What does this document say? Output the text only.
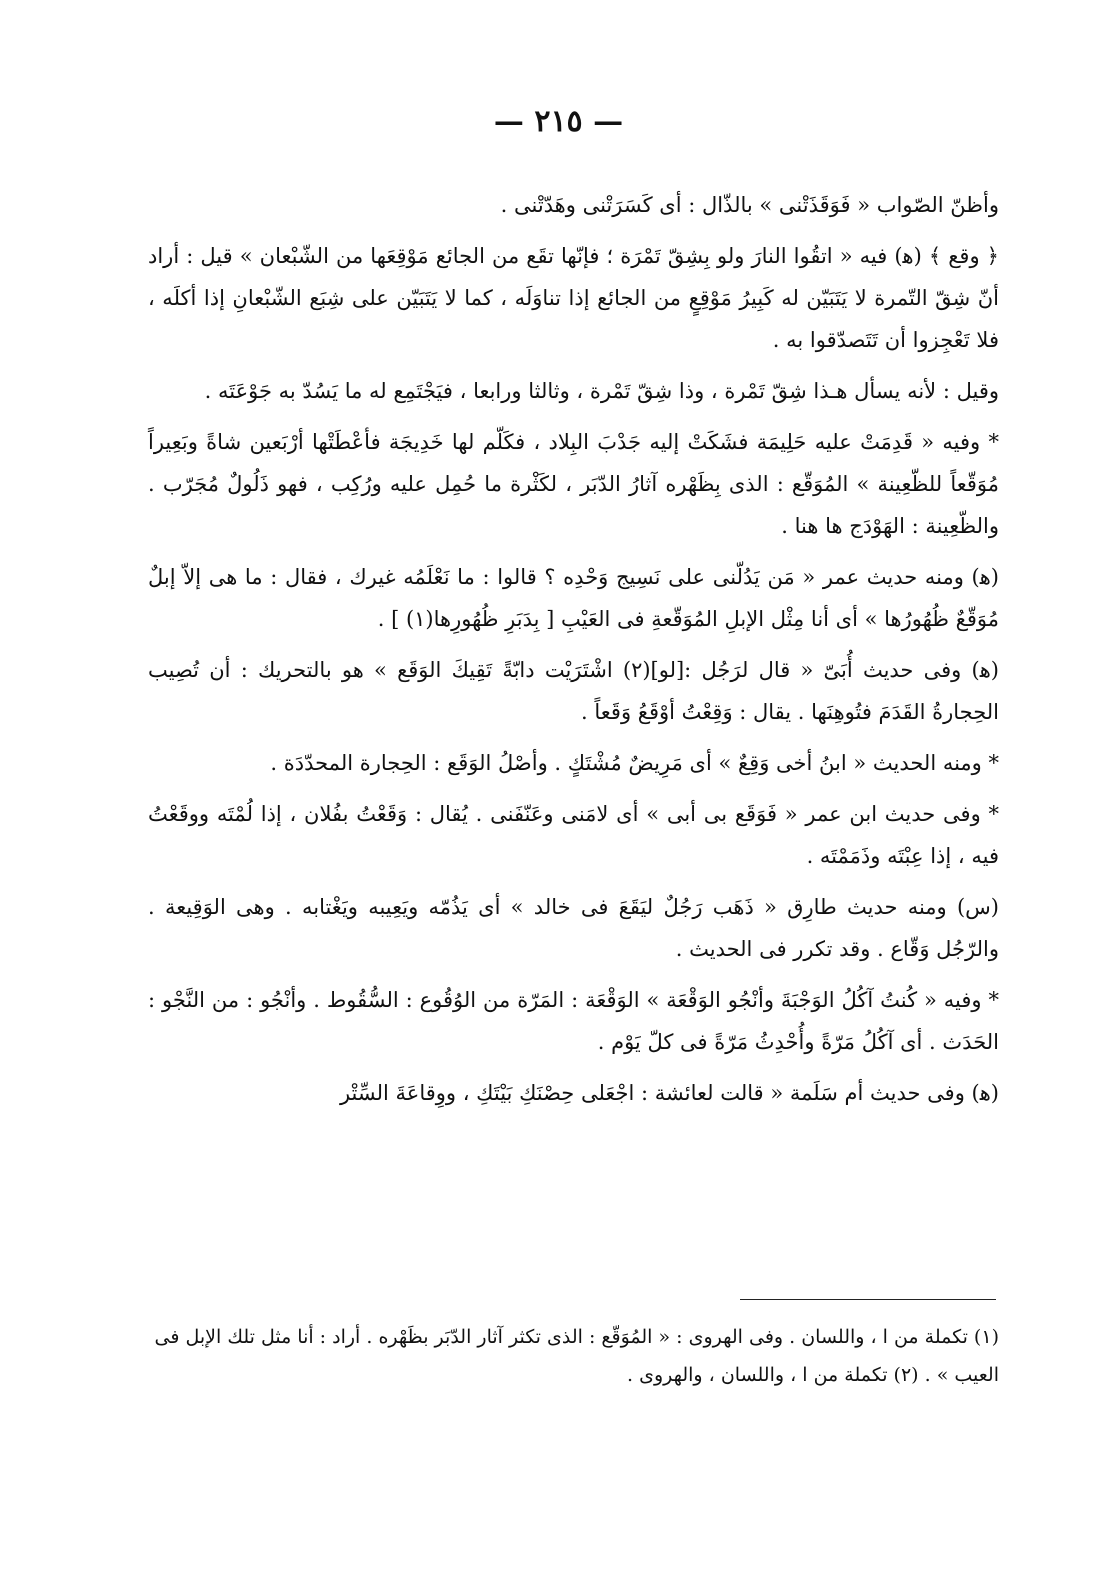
— ٢١٥ —

وأظنّ الصّواب « فَوَقَذَتْنى » بالذّال : أى كَسَرَتْنى وهَدّتْنى .

﴿ وقع ﴾ (ﻫ) فيه « اتقُوا النارَ ولو بِشِقّ تَمْرَة ؛ فإنّها تقَع من الجائع مَوْقِعَها من الشّبْعان » قيل : أراد أنّ شِقّ التّمرة لا يَتَبَيّن له كَبِيرُ مَوْقِعٍ من الجائع إذا تناوَلَه ، كما لا يَتَبَيّن على شِبَع الشّبْعانِ إذا أكلَه ، فلا تَعْجِزوا أن تَتَصدّقوا به .

وقيل : لأنه يسأل هـذا شِقّ تَمْرة ، وذا شِقّ تَمْرة ، وثالثا ورابعا ، فيَجْتَمِع له ما يَسُدّ به جَوْعَتَه .

* وفيه « قَدِمَتْ عليه حَلِيمَة فشَكَتْ إليه جَدْبَ البِلاد ، فكَلّم لها خَدِيجَة فأعْطَتْها أرْبَعين شاةً وبَعِيراً مُوَقّعاً للظّعِينة » المُوَقّع : الذى بِظَهْره آثارُ الدّبَر ، لكَثْرة ما حُمِل عليه ورُكِب ، فهو ذَلُولٌ مُجَرّب . والظّعِينة : الهَوْدَج ها هنا .

(ﻫ) ومنه حديث عمر « مَن يَدُلّنى على نَسِيج وَحْدِه ؟ قالوا : ما نَعْلَمُه غيرك ، فقال : ما هى إلاّ إبلٌ مُوَقّعٌ ظُهُورُها » أى أنا مِثْل الإبلِ المُوَقّعةِ فى العَيْبِ [ بِدَبَرِ ظُهُورِها(١) ] .

(ﻫ) وفى حديث أُبَىّ « قال لرَجُل :[لو](٢) اشْتَرَيْت دابّةً تَقِيكَ الوَقَع » هو بالتحريك : أن تُصِيب الحِجارةُ القَدَمَ فتُوهِنَها . يقال : وَقِعْتُ أوْقَعُ وَقَعاً .

* ومنه الحديث « ابنُ أخى وَقِعٌ » أى مَرِيضٌ مُشْتَكٍ . وأصْلُ الوَقَع : الحِجارة المحدّدَة .

* وفى حديث ابن عمر « فَوَقَع بى أبى » أى لامَنى وعَنّفَنى . يُقال : وَقَعْتُ بفُلان ، إذا لُمْتَه ووقَعْتُ فيه ، إذا عِبْتَه وذَمَمْتَه .

(س) ومنه حديث طارِق « ذَهَب رَجُلٌ ليَقَعَ فى خالد » أى يَذُمّه ويَعِيبه ويَغْتابه . وهى الوَقِيعة . والرّجُل وَقّاع . وقد تكرر فى الحديث .

* وفيه « كُنتُ آكُلُ الوَجْبَةَ وأنْجُو الوَقْعَة » الوَقْعَة : المَرّة من الوُقُوع : السُّقُوط . وأنْجُو : من النَّجْو : الحَدَث . أى آكُلُ مَرّةً وأُحْدِثُ مَرّةً فى كلّ يَوْم .

(ﻫ) وفى حديث أم سَلَمة « قالت لعائشة : اجْعَلى حِصْنَكِ بَيْتَكِ ، ووِقاعَةَ السِّتْر

(١) تكملة من ا ، واللسان . وفى الهروى : « المُوَقّع : الذى تكثر آثار الدّبَر بظَهْره . أراد : أنا مثل تلك الإبل فى العيب » . (٢) تكملة من ا ، واللسان ، والهروى .
